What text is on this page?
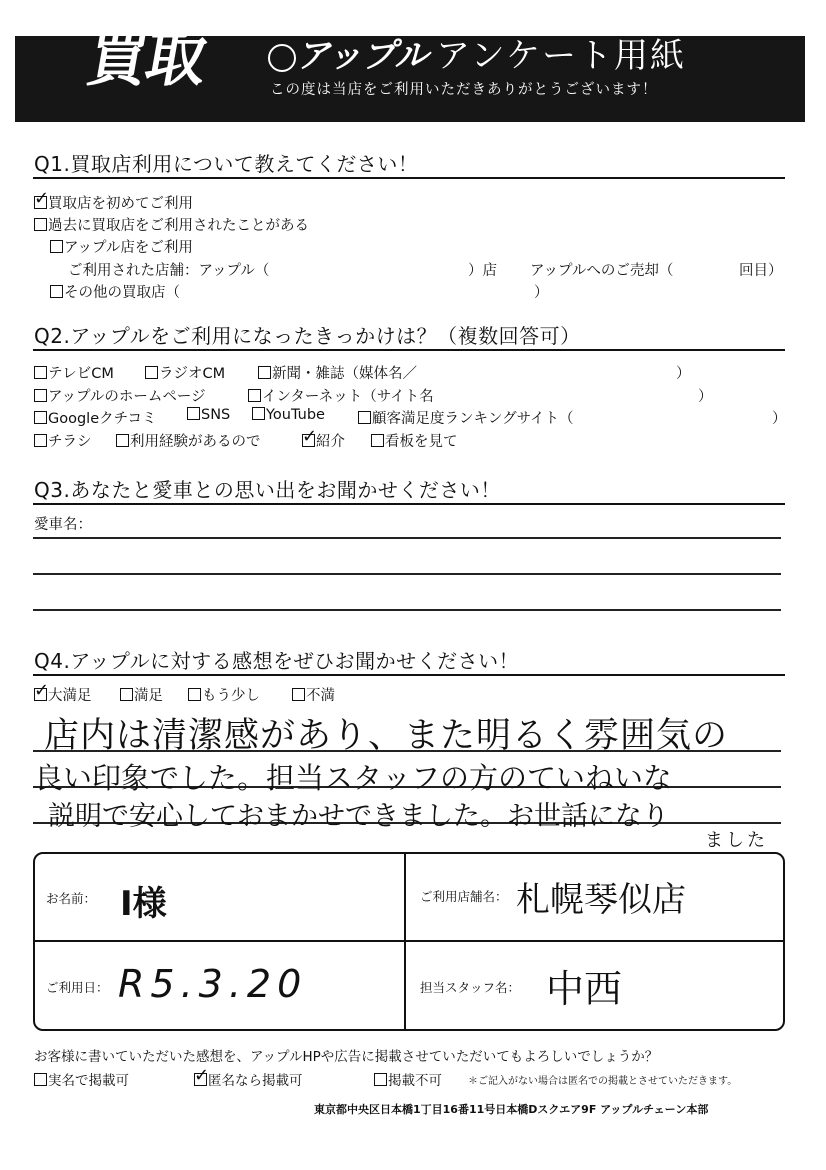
買取	アップル アンケート用紙
この度は当店をご利用いただきありがとうございます！
Q1.買取店利用について教えてください！
✓買取店を初めてご利用
過去に買取店をご利用されたことがある
アップル店をご利用
ご利用された店舗：アップル（	）店 アップルへのご売却（	回目）
その他の買取店（	）
Q2.アップルをご利用になったきっかけは？（複数回答可）
テレビCM	ラジオCM	新聞・雑誌（媒体名／	）
アップルのホームページ	インターネット（サイト名	）
Googleクチコミ	SNS	YouTube	顧客満足度ランキングサイト（	）
チラシ	利用経験があるので ✓	紹介	看板を見て
Q3.あなたと愛車との思い出をお聞かせください！
愛車名：
Q4.アップルに対する感想をぜひお聞かせください！
✓大満足	満足	もう少し	不満
店内は清潔感があり、また明るく雰囲気の
良い印象でした。担当スタッフの方のていねいな
説明で安心しておまかせできました。お世話になり
ました
お名前： I様	ご利用店舗名： 札幌琴似店
ご利用日： R5.3.20	担当スタッフ名： 中西
お客様に書いていただいた感想を、アップルHPや広告に掲載させていただいてもよろしいでしょうか？
実名で掲載可 ✓	匿名なら掲載可	掲載不可	＊ご記入がない場合は匿名での掲載とさせていただきます。
東京都中央区日本橋1丁目16番11号日本橋Dスクエア9F アップルチェーン本部
